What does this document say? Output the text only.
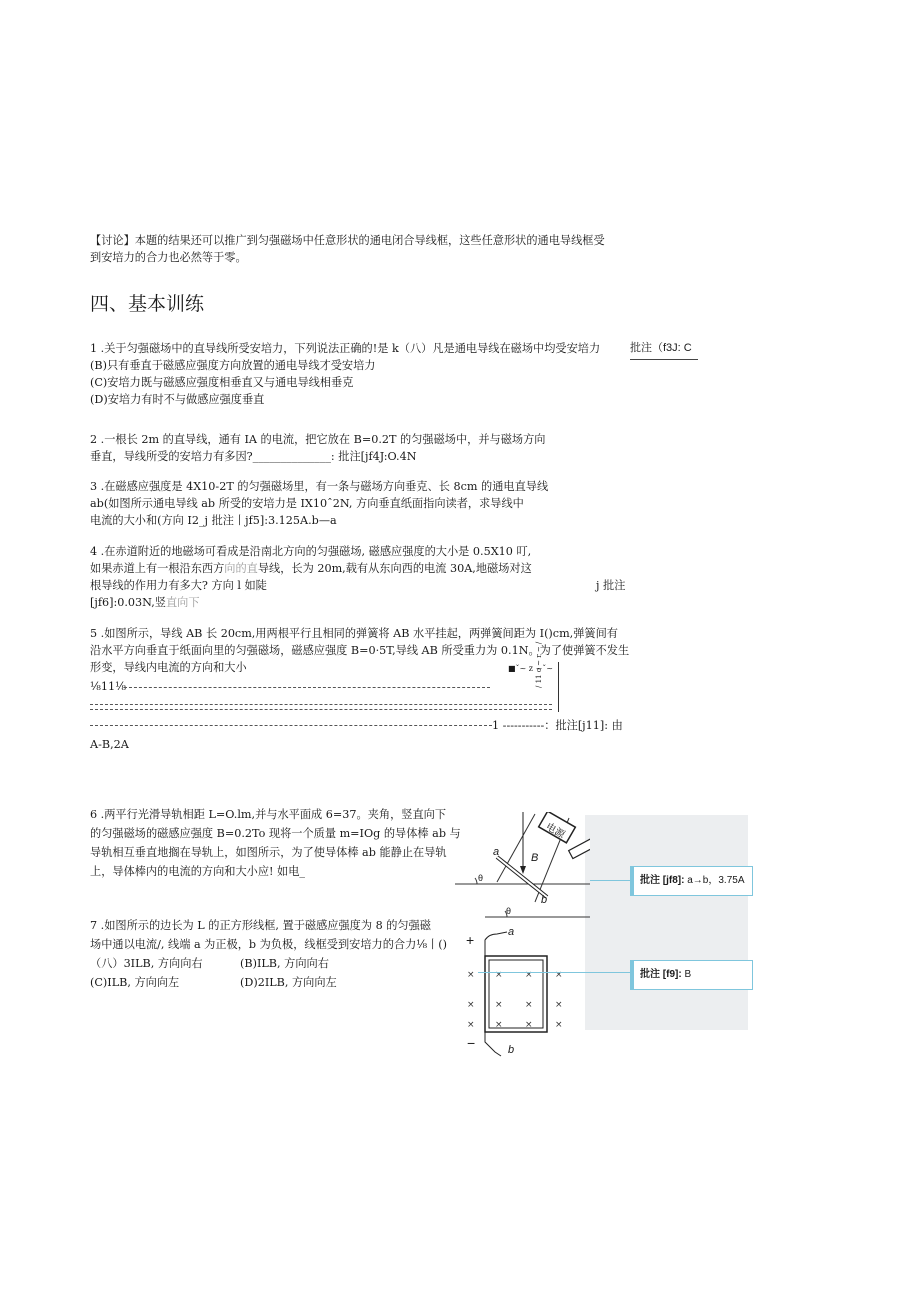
【讨论】本题的结果还可以推广到匀强磁场中任意形状的通电闭合导线框，这些任意形状的通电导线框受
到安培力的合力也必然等于零。
四、基本训练
1 .关于匀强磁场中的直导线所受安培力，下列说法正确的!是 k（八）凡是通电导线在磁场中均受安培力	批注（f3J: C
(B)只有垂直于磁感应强度方向放置的通电导线才受安培力
(C)安培力既与磁感应强度相垂直又与通电导线相垂克
(D)安培力有时不与做感应强度垂直
2 .一根长 2m 的直导线，通有 IA 的电流，把它放在 B=0.2T 的匀强磁场中，并与磁场方向
垂直，导线所受的安培力有多因?______________: 批注[jf4J:O.4N
3 .在磁感应强度是 4X10-2T 的匀强磁场里，有一条与磁场方向垂克、长 8cm 的通电直导线
ab(如图所示通电导线 ab 所受的安培力是 IX10ˆ2N, 方向垂直纸面指向读者，求导线中
电流的大小和(方向 I2_j 批注丨jf5]:3.125A.b—a
4 .在赤道附近的地磁场可看成是沿南北方向的匀强磁场, 磁感应强度的大小是 0.5X10 叮,
如果赤道上有一根沿东西方向的直导线，长为 20m,载有从东向西的电流 30A,地磁场对这
根导线的作用力有多大? 方向 l 如陡	j 批注
[jf6]:0.03N,竖直向下
5 .如图所示，导线 AB 长 20cm,用两根平行且相同的弹簧将 AB 水平挂起，两弹簧间距为 I()cm,弹簧间有
沿水平方向垂直于纸面向里的匀强磁场，磁感应强度 B=0·5T,导线 AB 所受重力为 0.1N。为了使弹簧不发生
形变，导线内电流的方向和大小	■ˇ~ z ~ˇ~
/ 11 o ~ r ~ /
⅛11⅛
1 -----------：批注[j11]: 由
A-B,2A
6 .两平行光滑导轨相距 L=O.lm,并与水平面成 6=37。夹角，竖直向下
的匀强磁场的磁感应强度 B=0.2To 现将一个质量 m=IOg 的导体棒 ab 与
导轨相互垂直地搁在导轨上，如图所示，为了使导体棒 ab 能静止在导轨
上，导体棒内的电流的方向和大小应! 如电_
电源
a
b
B
θ
θ
批注 [jf8]: a→b，3.75A
7 .如图所示的边长为 L 的正方形线框, 置于磁感应强度为 8 的匀强磁
场中通以电流/, 线端 a 为正极，b 为负极，线框受到安培力的合力⅛丨()
（八）3ILB, 方向向右	(B)ILB, 方向向右
(C)ILB, 方向向左	(D)2ILB, 方向向左
× × × ×
× × × ×
× × × ×
+
−
a
b
批注 [f9]: B
